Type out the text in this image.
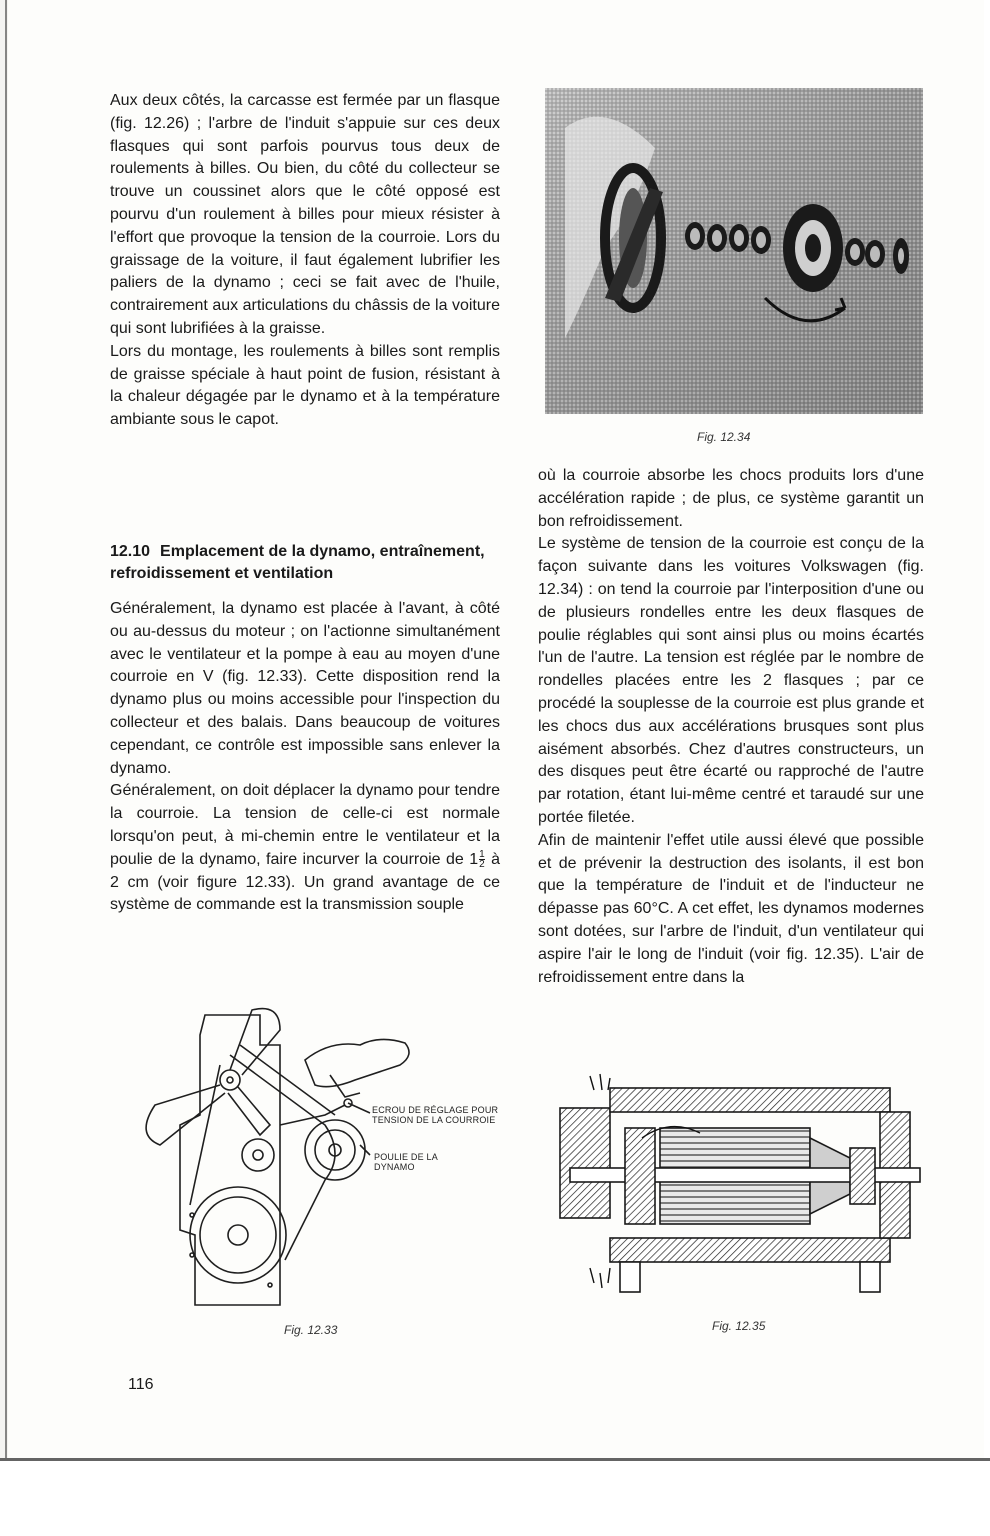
Aux deux côtés, la carcasse est fermée par un flasque (fig. 12.26) ; l'arbre de l'induit s'appuie sur ces deux flasques qui sont parfois pourvus tous deux de roulements à billes. Ou bien, du côté du collecteur se trouve un coussinet alors que le côté opposé est pourvu d'un roulement à billes pour mieux résister à l'effort que provoque la tension de la courroie. Lors du graissage de la voiture, il faut également lubrifier les paliers de la dynamo ; ceci se fait avec de l'huile, contrairement aux articulations du châssis de la voiture qui sont lubrifiées à la graisse.

Lors du montage, les roulements à billes sont remplis de graisse spéciale à haut point de fusion, résistant à la chaleur dégagée par le dynamo et à la température ambiante sous le capot.

12.10 Emplacement de la dynamo, entraînement, refroidissement et ventilation

Généralement, la dynamo est placée à l'avant, à côté ou au-dessus du moteur ; on l'actionne simultanément avec le ventilateur et la pompe à eau au moyen d'une courroie en V (fig. 12.33). Cette disposition rend la dynamo plus ou moins accessible pour l'inspection du collecteur et des balais. Dans beaucoup de voitures cependant, ce contrôle est impossible sans enlever la dynamo.

Généralement, on doit déplacer la dynamo pour tendre la courroie. La tension de celle-ci est normale lorsqu'on peut, à mi-chemin entre le ventilateur et la poulie de la dynamo, faire incurver la courroie de $1 \frac{1}{2}$ à 2 cm (voir figure 12.33). Un grand avantage de ce système de commande est la transmission souple

où la courroie absorbe les chocs produits lors d'une accélération rapide ; de plus, ce système garantit un bon refroidissement.

Le système de tension de la courroie est conçu de la façon suivante dans les voitures Volkswagen (fig. 12.34) : on tend la courroie par l'interposition d'une ou de plusieurs rondelles entre les deux flasques de poulie réglables qui sont ainsi plus ou moins écartés l'un de l'autre. La tension est réglée par le nombre de rondelles placées entre les 2 flasques ; par ce procédé la souplesse de la courroie est plus grande et les chocs dus aux accélérations brusques sont plus aisément absorbés. Chez d'autres constructeurs, un des disques peut être écarté ou rapproché de l'autre par rotation, étant lui-même centré et taraudé sur une portée filetée.

Afin de maintenir l'effet utile aussi élevé que possible et de prévenir la destruction des isolants, il est bon que la température de l'induit et de l'inducteur ne dépasse pas 60°C. A cet effet, les dynamos modernes sont dotées, sur l'arbre de l'induit, d'un ventilateur qui aspire l'air le long de l'induit (voir fig. 12.35). L'air de refroidissement entre dans la

Fig. 12.34
ECROU DE RÉGLAGE POUR
TENSION DE LA COURROIE
POULIE DE LA
DYNAMO
Fig. 12.33	Fig. 12.35
116
